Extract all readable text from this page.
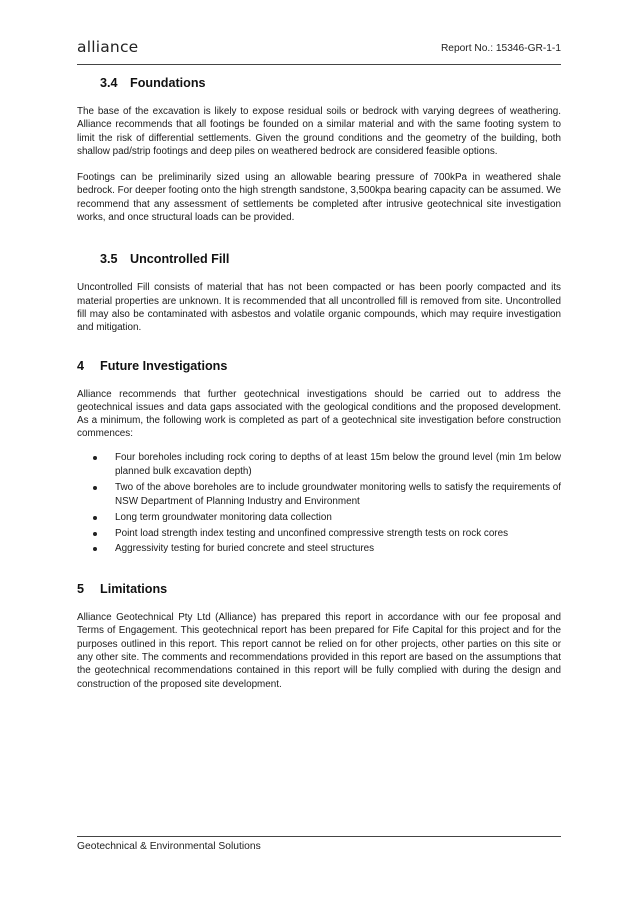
alliance	Report No.: 15346-GR-1-1
3.4 Foundations

The base of the excavation is likely to expose residual soils or bedrock with varying degrees of weathering. Alliance recommends that all footings be founded on a similar material and with the same footing system to limit the risk of differential settlements. Given the ground conditions and the geometry of the building, both shallow pad/strip footings and deep piles on weathered bedrock are considered feasible options.

Footings can be preliminarily sized using an allowable bearing pressure of 700kPa in weathered shale bedrock. For deeper footing onto the high strength sandstone, 3,500kpa bearing capacity can be assumed. We recommend that any assessment of settlements be completed after intrusive geotechnical site investigation works, and once structural loads can be provided.

3.5 Uncontrolled Fill

Uncontrolled Fill consists of material that has not been compacted or has been poorly compacted and its material properties are unknown. It is recommended that all uncontrolled fill is removed from site. Uncontrolled fill may also be contaminated with asbestos and volatile organic compounds, which may require investigation and mitigation.

4	Future Investigations

Alliance recommends that further geotechnical investigations should be carried out to address the geotechnical issues and data gaps associated with the geological conditions and the proposed development. As a minimum, the following work is completed as part of a geotechnical site investigation before construction commences:

Four boreholes including rock coring to depths of at least 15m below the ground level (min 1m below planned bulk excavation depth)
Two of the above boreholes are to include groundwater monitoring wells to satisfy the requirements of NSW Department of Planning Industry and Environment
Long term groundwater monitoring data collection
Point load strength index testing and unconfined compressive strength tests on rock cores
Aggressivity testing for buried concrete and steel structures
5	Limitations

Alliance Geotechnical Pty Ltd (Alliance) has prepared this report in accordance with our fee proposal and Terms of Engagement. This geotechnical report has been prepared for Fife Capital for this project and for the purposes outlined in this report. This report cannot be relied on for other projects, other parties on this site or any other site. The comments and recommendations provided in this report are based on the assumptions that the geotechnical recommendations contained in this report will be fully complied with during the design and construction of the proposed site development.

Geotechnical & Environmental Solutions
